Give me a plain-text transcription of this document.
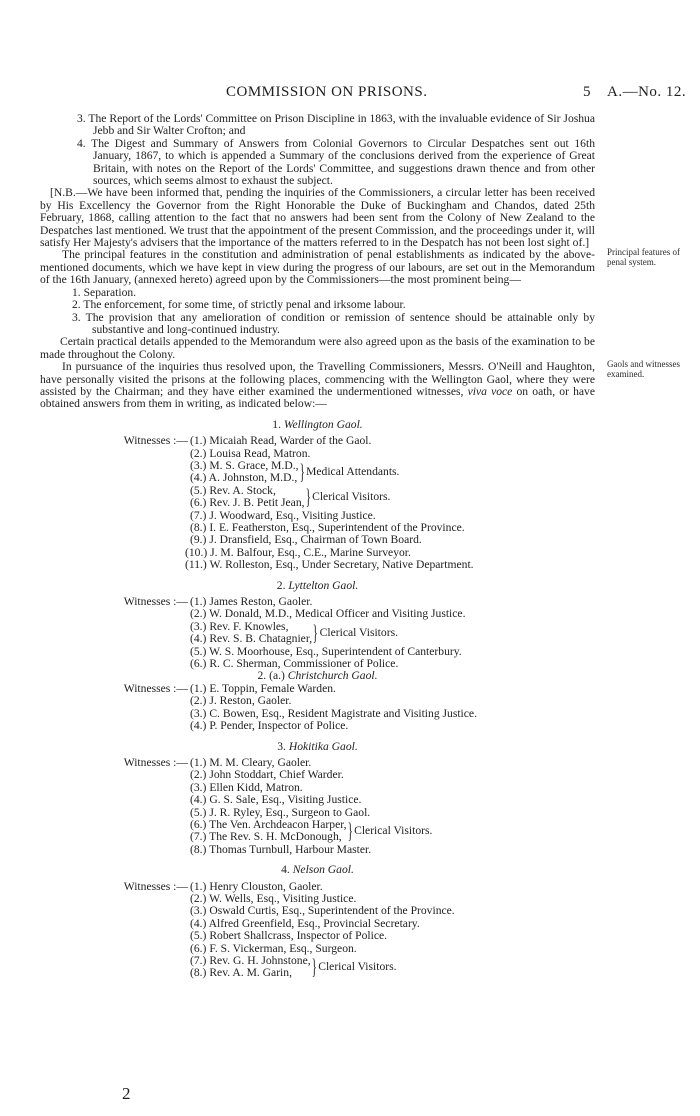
COMMISSION ON PRISONS.	5 A.—No. 12.

3. The Report of the Lords' Committee on Prison Discipline in 1863, with the invaluable evidence of Sir Joshua Jebb and Sir Walter Crofton; and

4. The Digest and Summary of Answers from Colonial Governors to Circular Despatches sent out 16th January, 1867, to which is appended a Summary of the conclusions derived from the experience of Great Britain, with notes on the Report of the Lords' Committee, and suggestions drawn thence and from other sources, which seems almost to exhaust the subject.

[N.B.—We have been informed that, pending the inquiries of the Commissioners, a circular letter has been received by His Excellency the Governor from the Right Honorable the Duke of Buckingham and Chandos, dated 25th February, 1868, calling attention to the fact that no answers had been sent from the Colony of New Zealand to the Despatches last mentioned. We trust that the appointment of the present Commission, and the proceedings under it, will satisfy Her Majesty's advisers that the importance of the matters referred to in the Despatch has not been lost sight of.]

The principal features in the constitution and administration of penal establishments as indicated by the above-mentioned documents, which we have kept in view during the progress of our labours, are set out in the Memorandum of the 16th January, (annexed hereto) agreed upon by the Commissioners—the most prominent being—

1. Separation.

2. The enforcement, for some time, of strictly penal and irksome labour.

3. The provision that any amelioration of condition or remission of sentence should be attainable only by substantive and long-continued industry.

Certain practical details appended to the Memorandum were also agreed upon as the basis of the examination to be made throughout the Colony.

In pursuance of the inquiries thus resolved upon, the Travelling Commissioners, Messrs. O'Neill and Haughton, have personally visited the prisons at the following places, commencing with the Wellington Gaol, where they were assisted by the Chairman; and they have either examined the undermentioned witnesses, viva voce on oath, or have obtained answers from them in writing, as indicated below:—

1. Wellington Gaol.

Witnesses :— (1.) Micaiah Read, Warder of the Gaol.
(2.) Louisa Read, Matron.
(3.) M. S. Grace, M.D.,
(4.) A. Johnston, M.D., } Medical Attendants.
(5.) Rev. A. Stock,
(6.) Rev. J. B. Petit Jean, } Clerical Visitors.
(7.) J. Woodward, Esq., Visiting Justice.
(8.) I. E. Featherston, Esq., Superintendent of the Province.
(9.) J. Dransfield, Esq., Chairman of Town Board.
(10.) J. M. Balfour, Esq., C.E., Marine Surveyor.
(11.) W. Rolleston, Esq., Under Secretary, Native Department.

2. Lyttelton Gaol.

Witnesses :— (1.) James Reston, Gaoler.
(2.) W. Donald, M.D., Medical Officer and Visiting Justice.
(3.) Rev. F. Knowles,
(4.) Rev. S. B. Chatagnier, } Clerical Visitors.
(5.) W. S. Moorhouse, Esq., Superintendent of Canterbury.
(6.) R. C. Sherman, Commissioner of Police.

2. (a.) Christchurch Gaol.

Witnesses :— (1.) E. Toppin, Female Warden.
(2.) J. Reston, Gaoler.
(3.) C. Bowen, Esq., Resident Magistrate and Visiting Justice.
(4.) P. Pender, Inspector of Police.

3. Hokitika Gaol.

Witnesses :— (1.) M. M. Cleary, Gaoler.
(2.) John Stoddart, Chief Warder.
(3.) Ellen Kidd, Matron.
(4.) G. S. Sale, Esq., Visiting Justice.
(5.) J. R. Ryley, Esq., Surgeon to Gaol.
(6.) The Ven. Archdeacon Harper,
(7.) The Rev. S. H. McDonough, } Clerical Visitors.
(8.) Thomas Turnbull, Harbour Master.

4. Nelson Gaol.

Witnesses :— (1.) Henry Clouston, Gaoler.
(2.) W. Wells, Esq., Visiting Justice.
(3.) Oswald Curtis, Esq., Superintendent of the Province.
(4.) Alfred Greenfield, Esq., Provincial Secretary.
(5.) Robert Shallcrass, Inspector of Police.
(6.) F. S. Vickerman, Esq., Surgeon.
(7.) Rev. G. H. Johnstone,
(8.) Rev. A. M. Garin, } Clerical Visitors.
Principal features of penal system.
Gaols and witnesses examined.
2
